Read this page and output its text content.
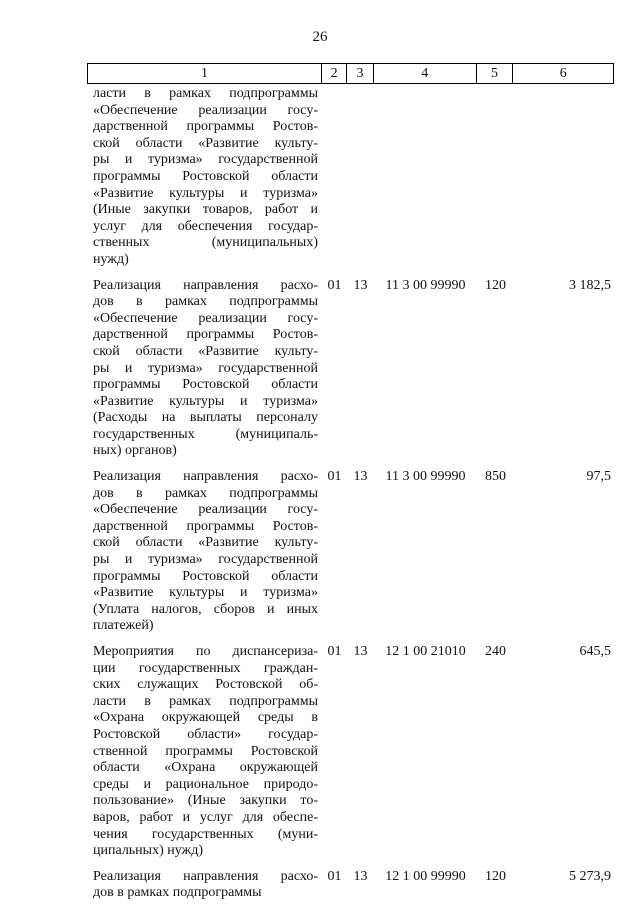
26
1	2	3	4	5	6
ласти в рамках подпрограммы
«Обеспечение реализации госу-
дарственной программы Ростов-
ской области «Развитие культу-
ры и туризма» государственной
программы Ростовской области
«Развитие культуры и туризма»
(Иные закупки товаров, работ и
услуг для обеспечения государ-
ственных (муниципальных)
нужд)
Реализация направления расхо-
дов в рамках подпрограммы
«Обеспечение реализации госу-
дарственной программы Ростов-
ской области «Развитие культу-
ры и туризма» государственной
программы Ростовской области
«Развитие культуры и туризма»
(Расходы на выплаты персоналу
государственных (муниципаль-
ных) органов)
01 13	11 3 00 99990	120	3 182,5
Реализация направления расхо-
дов в рамках подпрограммы
«Обеспечение реализации госу-
дарственной программы Ростов-
ской области «Развитие культу-
ры и туризма» государственной
программы Ростовской области
«Развитие культуры и туризма»
(Уплата налогов, сборов и иных
платежей)
01 13	11 3 00 99990	850	97,5
Мероприятия по диспансериза-
ции государственных граждан-
ских служащих Ростовской об-
ласти в рамках подпрограммы
«Охрана окружающей среды в
Ростовской области» государ-
ственной программы Ростовской
области «Охрана окружающей
среды и рациональное природо-
пользование» (Иные закупки то-
варов, работ и услуг для обеспе-
чения государственных (муни-
ципальных) нужд)
01 13	12 1 00 21010	240	645,5
Реализация направления расхо-
дов в рамках подпрограммы
01 13	12 1 00 99990	120	5 273,9
